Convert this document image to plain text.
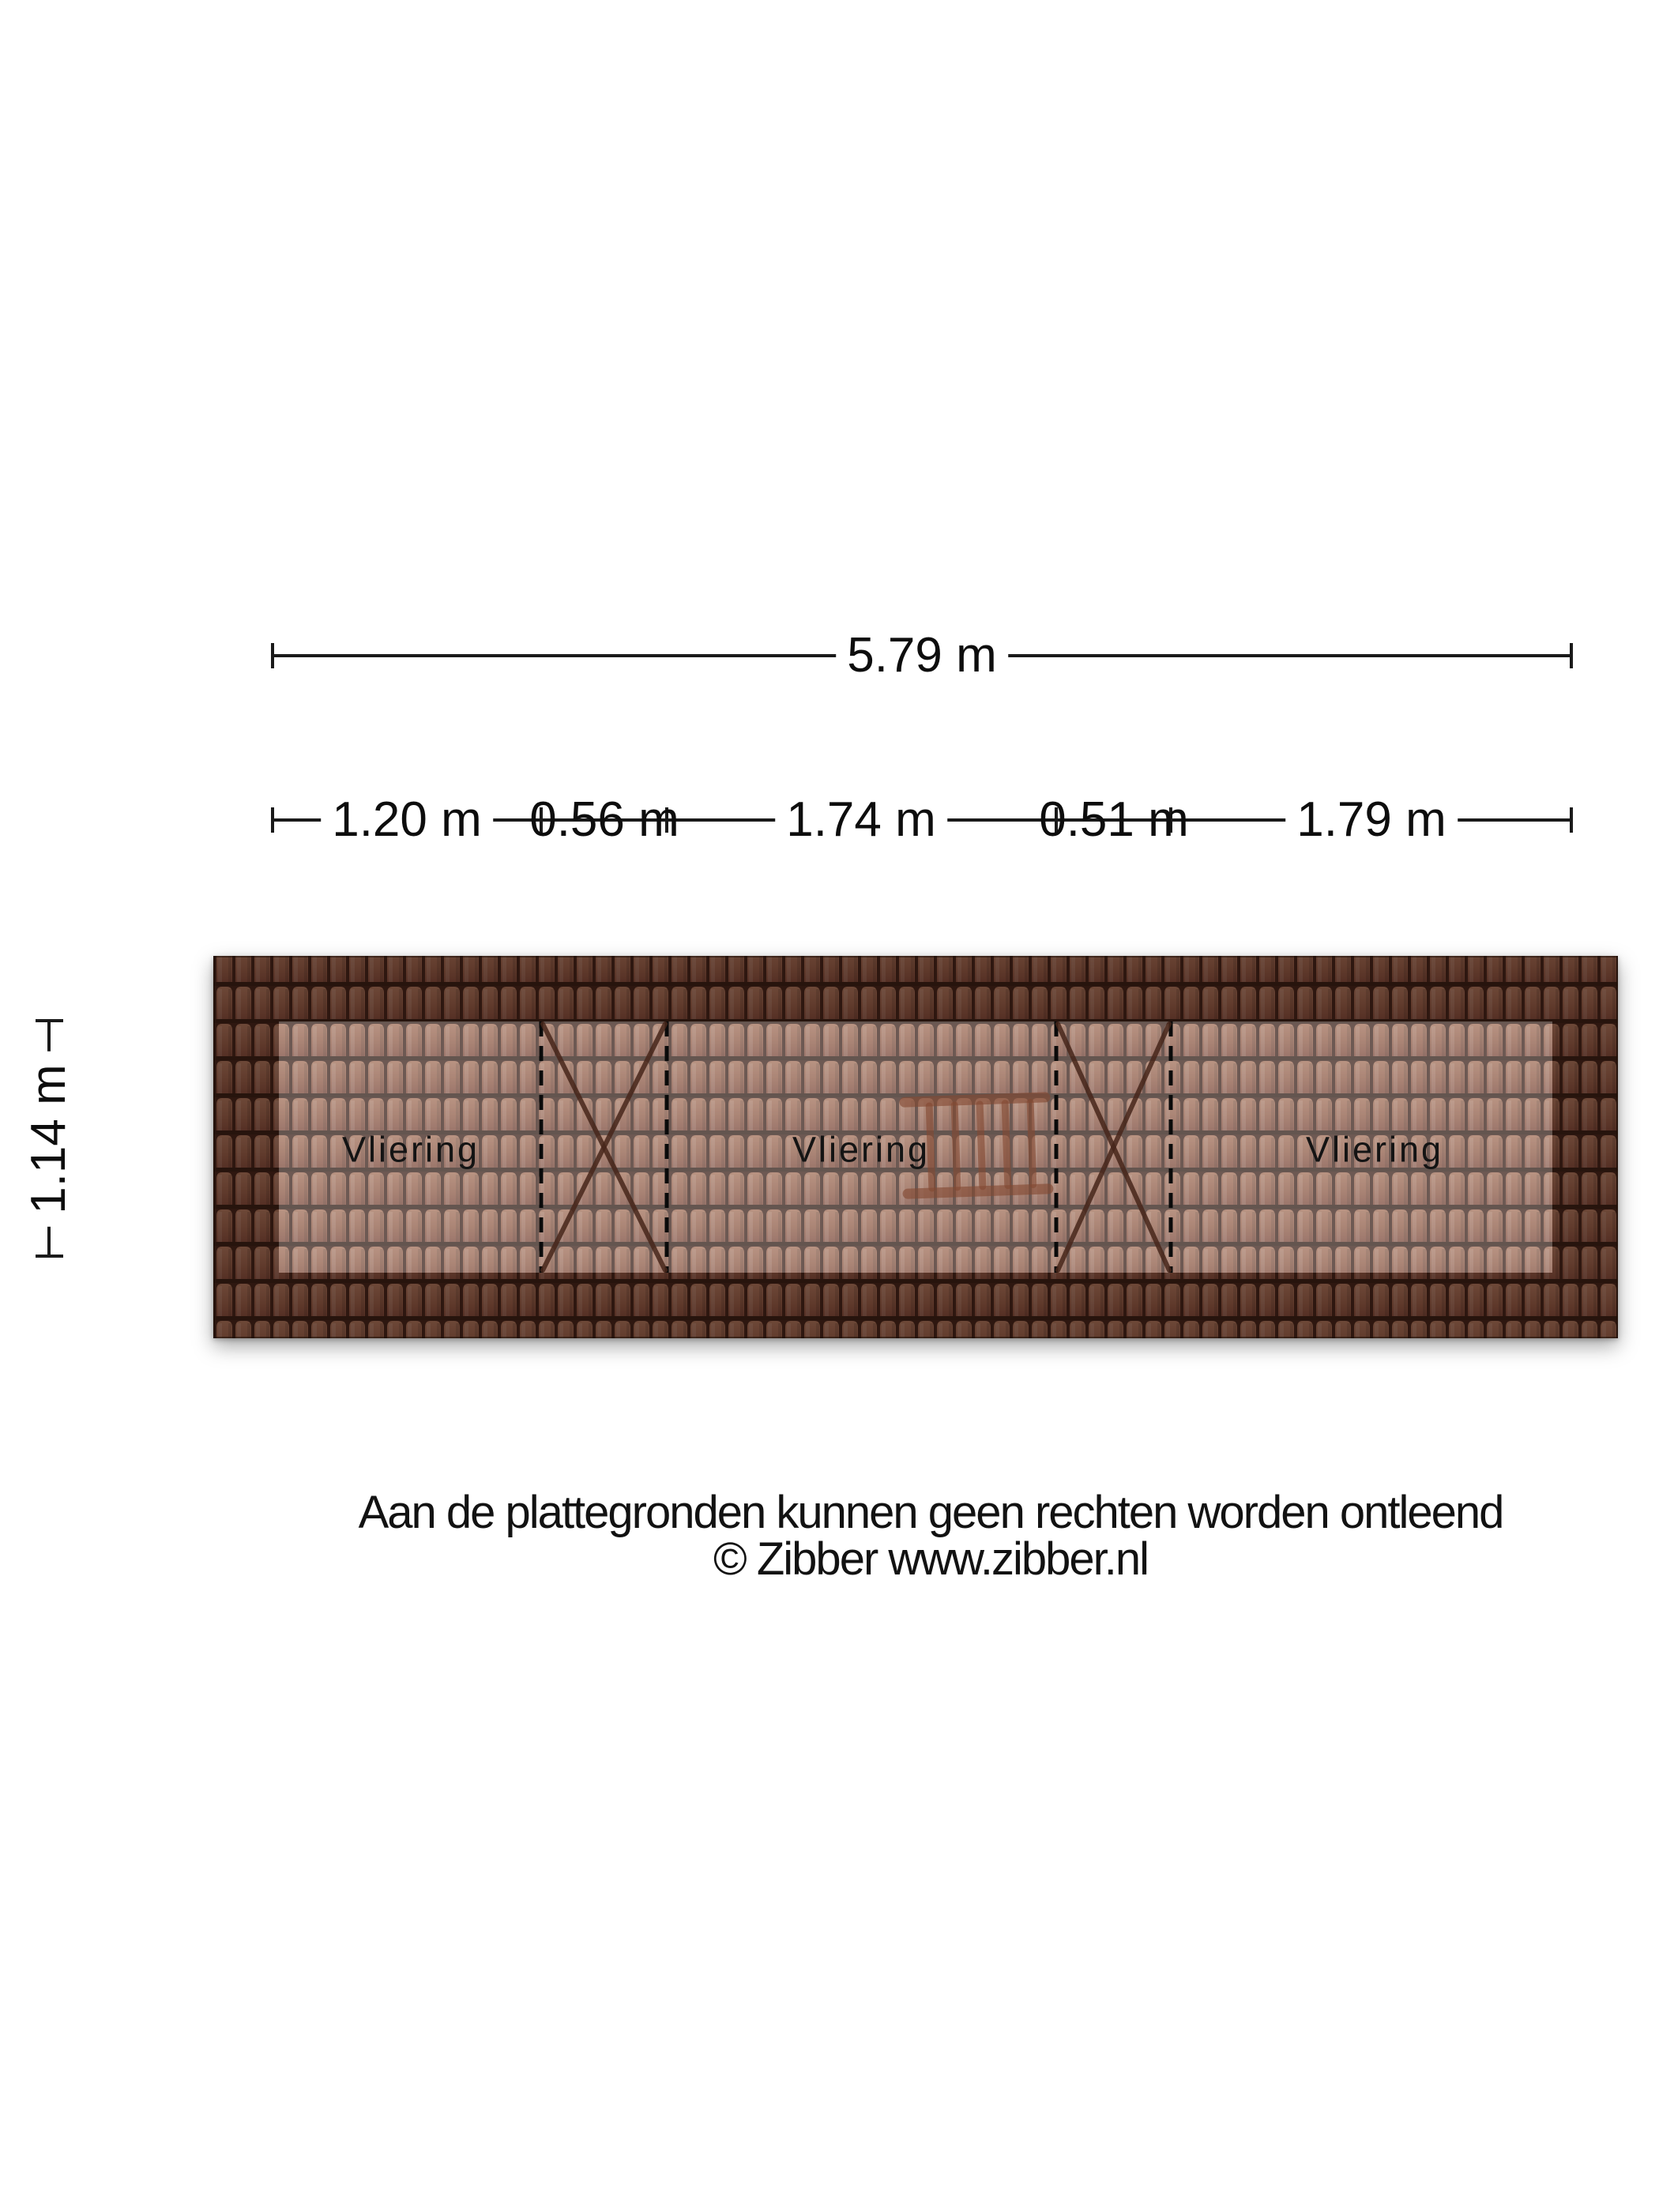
5.79 m
1.20 m 0.56 m 1.74 m 0.51 m 1.79 m
1.14 m	Vliering	Vliering	Vliering
Aan de plattegronden kunnen geen rechten worden ontleend
© Zibber www.zibber.nl
